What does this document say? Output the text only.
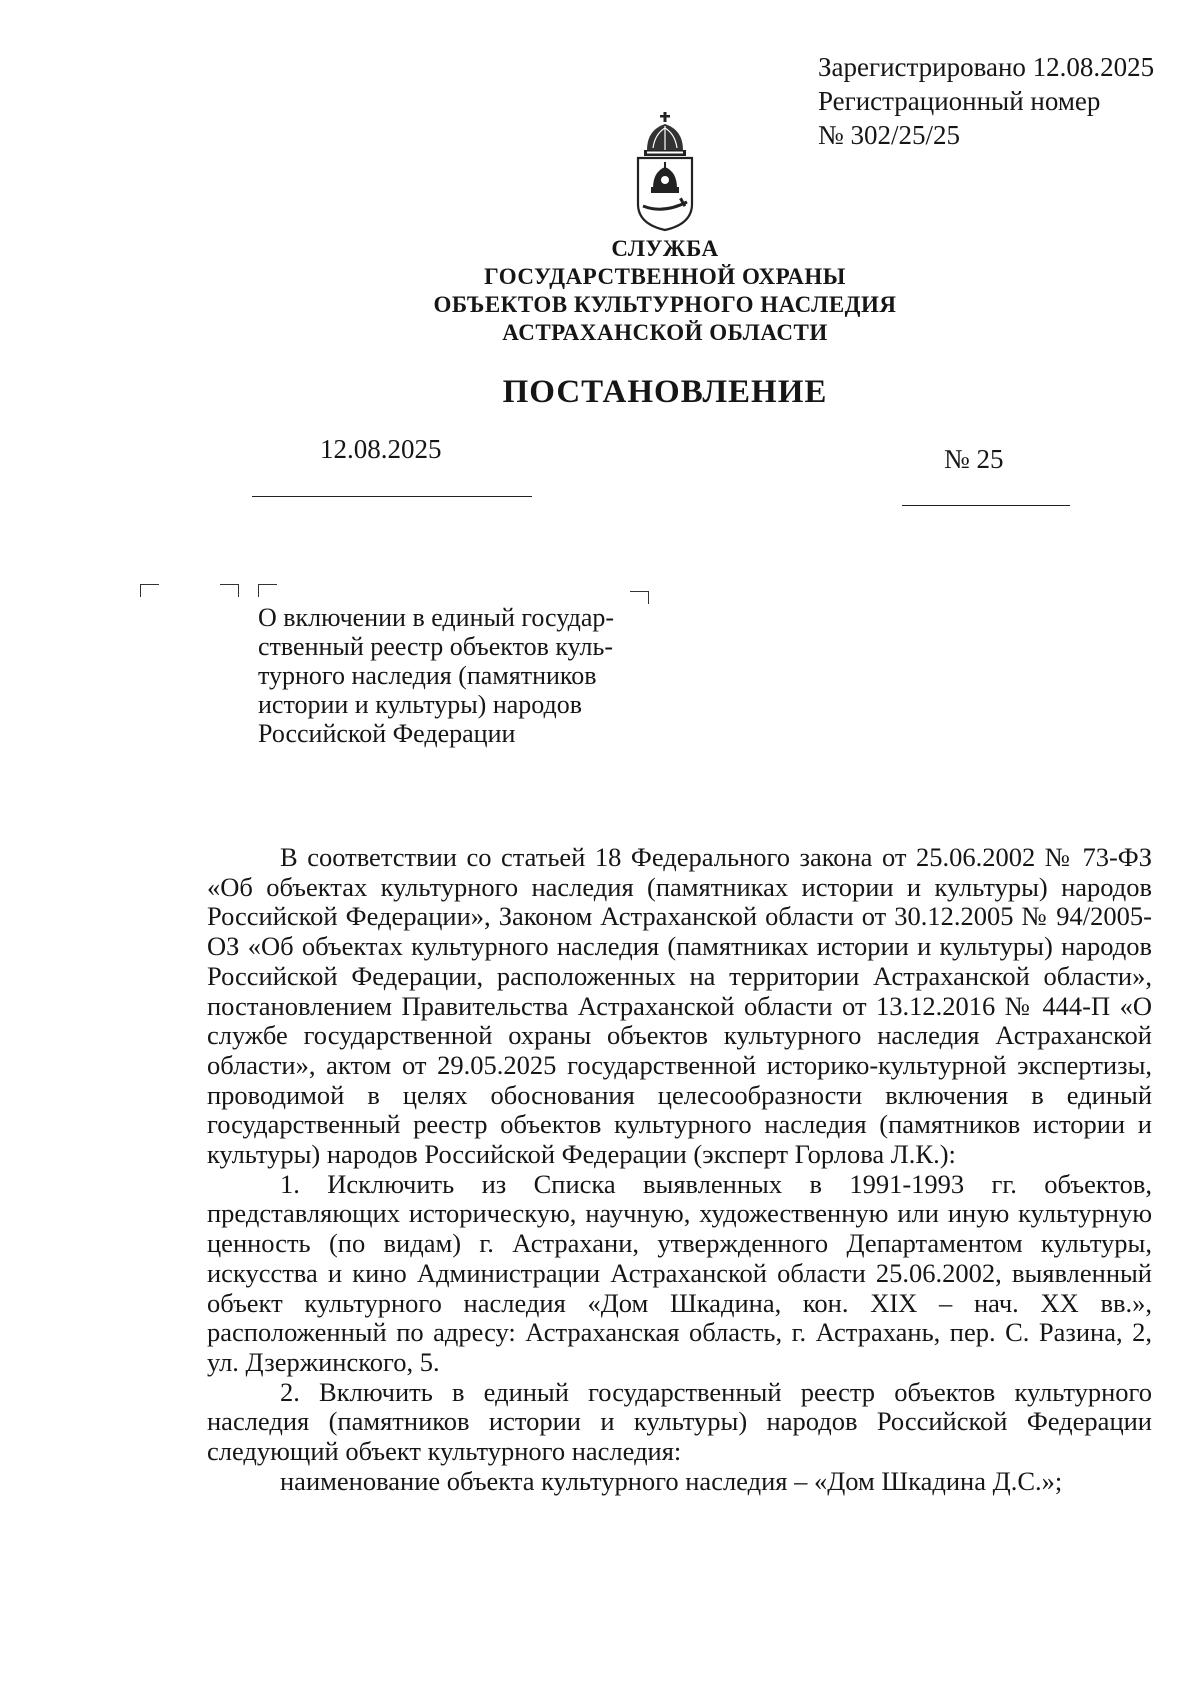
Зарегистрировано 12.08.2025
Регистрационный номер
№ 302/25/25
СЛУЖБА
ГОСУДАРСТВЕННОЙ ОХРАНЫ
ОБЪЕКТОВ КУЛЬТУРНОГО НАСЛЕДИЯ
АСТРАХАНСКОЙ ОБЛАСТИ
ПОСТАНОВЛЕНИЕ
12.08.2025	№ 25
О включении в единый государ-
ственный реестр объектов куль-
турного наследия (памятников
истории и культуры) народов
Российской Федерации

В соответствии со статьей 18 Федерального закона от 25.06.2002 № 73-ФЗ «Об объектах культурного наследия (памятниках истории и культуры) народов Российской Федерации», Законом Астраханской области от 30.12.2005 № 94/2005-ОЗ «Об объектах культурного наследия (памятниках истории и культуры) народов Российской Федерации, расположенных на территории Астраханской области», постановлением Правительства Астраханской области от 13.12.2016 № 444-П «О службе государственной охраны объектов культурного наследия Астраханской области», актом от 29.05.2025 государственной историко-культурной экспертизы, проводимой в целях обоснования целесообразности включения в единый государственный реестр объектов культурного наследия (памятников истории и культуры) народов Российской Федерации (эксперт Горлова Л.К.):

1. Исключить из Списка выявленных в 1991-1993 гг. объектов, представляющих историческую, научную, художественную или иную культурную ценность (по видам) г. Астрахани, утвержденного Департаментом культуры, искусства и кино Администрации Астраханской области 25.06.2002, выявленный объект культурного наследия «Дом Шкадина, кон. XIX – нач. XX вв.», расположенный по адресу: Астраханская область, г. Астрахань, пер. С. Разина, 2, ул. Дзержинского, 5.

2. Включить в единый государственный реестр объектов культурного наследия (памятников истории и культуры) народов Российской Федерации следующий объект культурного наследия:

наименование объекта культурного наследия – «Дом Шкадина Д.С.»;
